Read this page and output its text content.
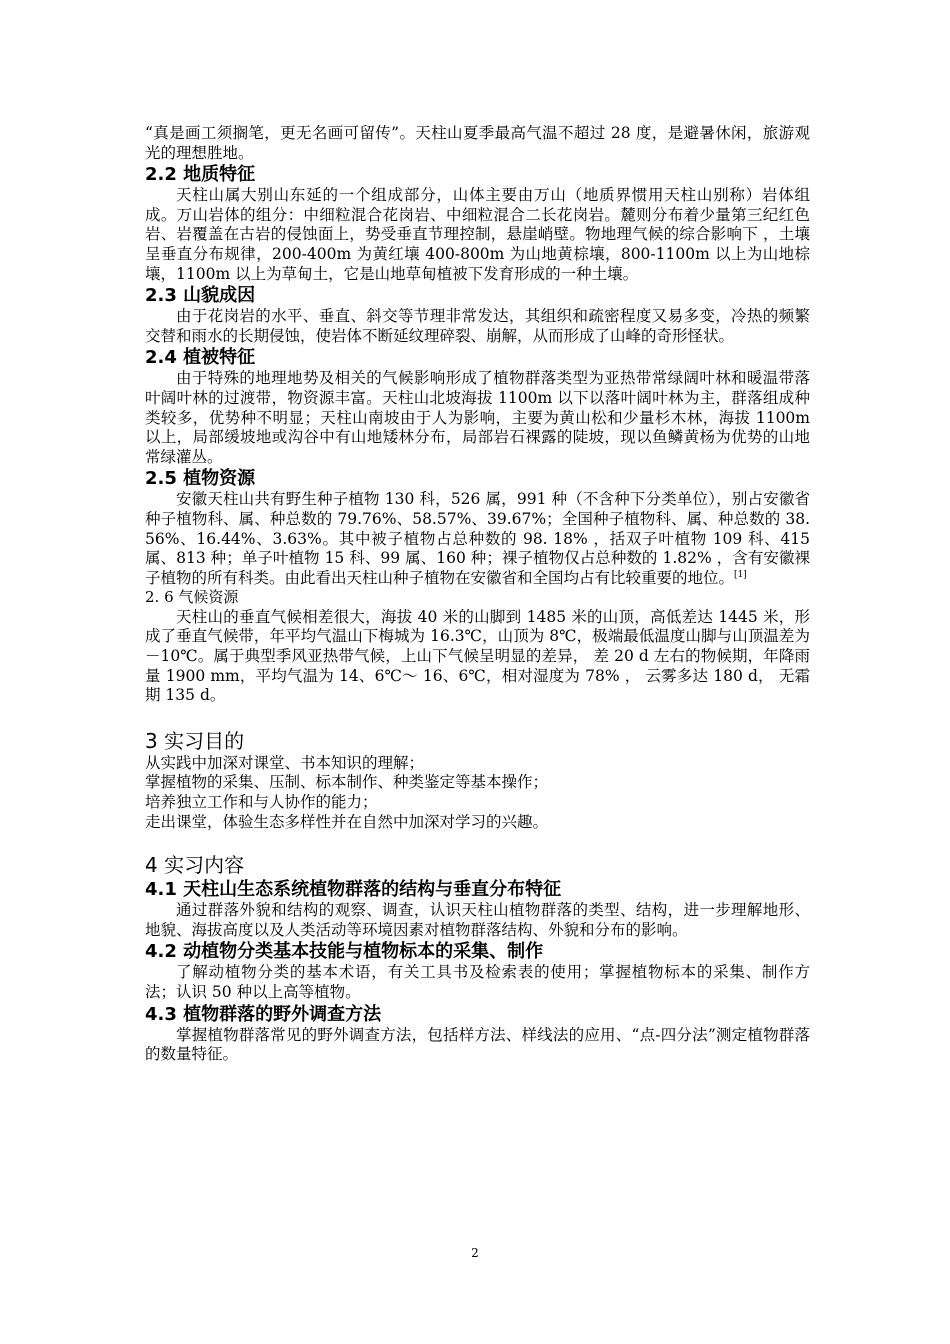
“真是画工须搁笔，更无名画可留传”。天柱山夏季最高气温不超过 28 度，是避暑休闲，旅游观光的理想胜地。

2.2 地质特征

天柱山属大别山东延的一个组成部分，山体主要由万山（地质界惯用天柱山别称）岩体组成。万山岩体的组分：中细粒混合花岗岩、中细粒混合二长花岗岩。麓则分布着少量第三纪红色岩、岩覆盖在古岩的侵蚀面上，势受垂直节理控制，悬崖峭壁。物地理气候的综合影响下 ，土壤呈垂直分布规律，200-400m 为黄红壤 400-800m 为山地黄棕壤，800-1100m 以上为山地棕壤，1100m 以上为草甸土，它是山地草甸植被下发育形成的一种土壤。

2.3 山貌成因

由于花岗岩的水平、垂直、斜交等节理非常发达，其组织和疏密程度又易多变，冷热的频繁交替和雨水的长期侵蚀，使岩体不断延纹理碎裂、崩解，从而形成了山峰的奇形怪状。

2.4 植被特征

由于特殊的地理地势及相关的气候影响形成了植物群落类型为亚热带常绿阔叶林和暖温带落叶阔叶林的过渡带，物资源丰富。天柱山北坡海拔 1100m 以下以落叶阔叶林为主，群落组成种类较多，优势种不明显；天柱山南坡由于人为影响，主要为黄山松和少量杉木林，海拔 1100m 以上，局部缓坡地或沟谷中有山地矮林分布，局部岩石裸露的陡坡，现以鱼鳞黄杨为优势的山地常绿灌丛。

2.5 植物资源

安徽天柱山共有野生种子植物 130 科，526 属，991 种（不含种下分类单位），别占安徽省种子植物科、属、种总数的 79.76%、58.57%、39.67%；全国种子植物科、属、种总数的 38.56%、16.44%、3.63%。其中被子植物占总种数的 98. 18% ，括双子叶植物 109 科、415 属、813 种；单子叶植物 15 科、99 属、160 种；裸子植物仅占总种数的 1.82% ，含有安徽裸子植物的所有科类。由此看出天柱山种子植物在安徽省和全国均占有比较重要的地位。[1]

2. 6 气候资源

天柱山的垂直气候相差很大，海拔 40 米的山脚到 1485 米的山顶，高低差达 1445 米，形成了垂直气候带，年平均气温山下梅城为 16.3℃，山顶为 8℃，极端最低温度山脚与山顶温差为－10℃。属于典型季风亚热带气候，上山下气候呈明显的差异， 差 20 d 左右的物候期，年降雨量 1900 mm，平均气温为 14、6℃～ 16、6℃，相对湿度为 78% ， 云雾多达 180 d， 无霜期 135 d。

3 实习目的

从实践中加深对课堂、书本知识的理解；

掌握植物的采集、压制、标本制作、种类鉴定等基本操作；

培养独立工作和与人协作的能力；

走出课堂，体验生态多样性并在自然中加深对学习的兴趣。

4 实习内容
4.1 天柱山生态系统植物群落的结构与垂直分布特征

通过群落外貌和结构的观察、调查，认识天柱山植物群落的类型、结构，进一步理解地形、地貌、海拔高度以及人类活动等环境因素对植物群落结构、外貌和分布的影响。

4.2 动植物分类基本技能与植物标本的采集、制作

了解动植物分类的基本术语，有关工具书及检索表的使用；掌握植物标本的采集、制作方法；认识 50 种以上高等植物。

4.3 植物群落的野外调查方法

掌握植物群落常见的野外调查方法，包括样方法、样线法的应用、“点-四分法”测定植物群落的数量特征。

2
